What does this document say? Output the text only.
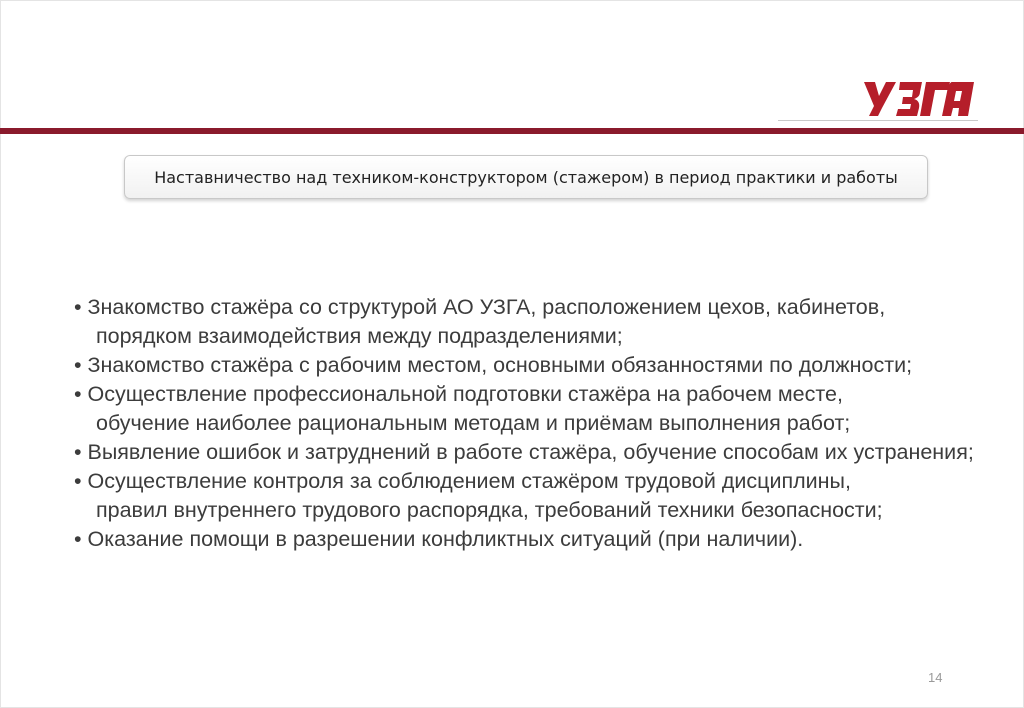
Наставничество над техником-конструктором (стажером) в период практики и работы
• Знакомство стажёра со структурой АО УЗГА, расположением цехов, кабинетов,
порядком взаимодействия между подразделениями;
• Знакомство стажёра с рабочим местом, основными обязанностями по должности;
• Осуществление профессиональной подготовки стажёра на рабочем месте,
обучение наиболее рациональным методам и приёмам выполнения работ;
• Выявление ошибок и затруднений в работе стажёра, обучение способам их устранения;
• Осуществление контроля за соблюдением стажёром трудовой дисциплины,
правил внутреннего трудового распорядка, требований техники безопасности;
• Оказание помощи в разрешении конфликтных ситуаций (при наличии).
14
